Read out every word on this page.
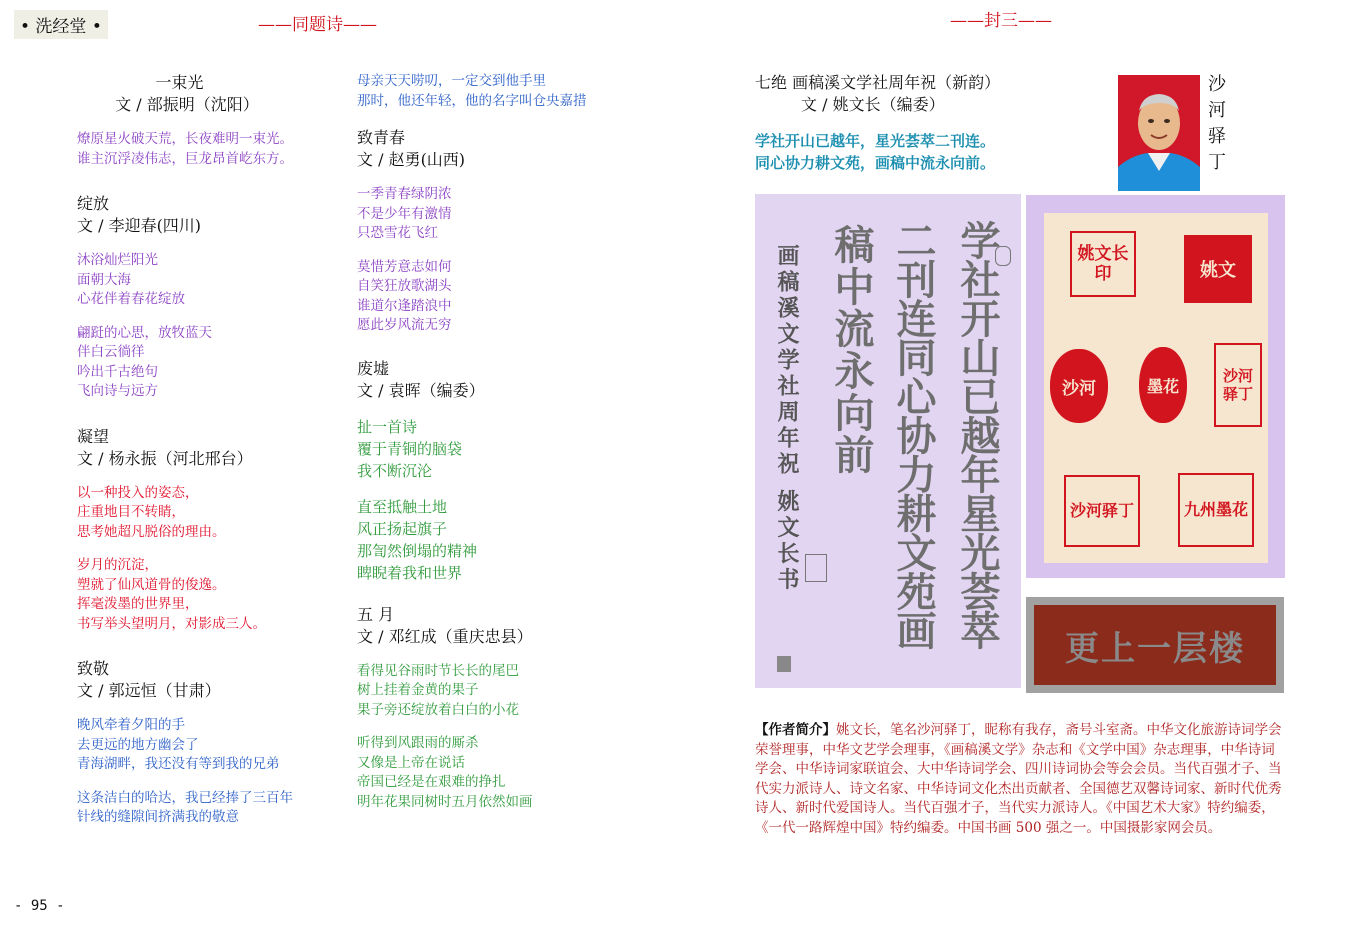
• 洗经堂 •	——同题诗——	——封三——
一束光
文 / 部振明（沈阳）
燎原星火破天荒，长夜难明一束光。
谁主沉浮凌伟志，巨龙昂首屹东方。
绽放
文 / 李迎春(四川)
沐浴灿烂阳光
面朝大海
心花伴着春花绽放
翩跹的心思，放牧蓝天
伴白云徜徉
吟出千古绝句
飞向诗与远方
凝望
文 / 杨永振（河北邢台）
以一种投入的姿态，
庄重地目不转睛，
思考她超凡脱俗的理由。
岁月的沉淀，
塑就了仙风道骨的俊逸。
挥毫泼墨的世界里，
书写举头望明月，对影成三人。
致敬
文 / 郭远恒（甘肃）
晚风牵着夕阳的手
去更远的地方幽会了
青海湖畔，我还没有等到我的兄弟
这条洁白的哈达，我已经捧了三百年
针线的缝隙间挤满我的敬意
母亲天天唠叨，一定交到他手里
那时，他还年轻，他的名字叫仓央嘉措
致青春
文 / 赵勇(山西)
一季青春绿阴浓
不是少年有激情
只恐雪花飞红
莫惜芳意志如何
自笑狂放歌湖头
谁道尔逢踏浪中
愿此岁风流无穷
废墟
文 / 袁晖（编委）
扯一首诗
覆于青铜的脑袋
我不断沉沦
直至抵触土地
风正扬起旗子
那訇然倒塌的精神
睥睨着我和世界
五 月
文 / 邓红成（重庆忠县）
看得见谷雨时节长长的尾巴
树上挂着金黄的果子
果子旁还绽放着白白的小花
听得到风跟雨的厮杀
又像是上帝在说话
帝国已经是在艰难的挣扎
明年花果同树时五月依然如画
七绝 画稿溪文学社周年祝（新韵）
文 / 姚文长（编委）
学社开山已越年，星光荟萃二刊连。
同心协力耕文苑，画稿中流永向前。
沙河驿丁
学社开山已越年星光荟萃
二刊连同心协力耕文苑画
稿中流永向前
画稿溪文学社周年祝 姚文长书	姚文长印	姚文
沙河	墨花
沙河驿丁
沙河驿丁	九州墨花
更上一层楼
【作者简介】姚文长，笔名沙河驿丁，昵称有我存，斋号斗室斋。中华文化旅游诗词学会荣誉理事，中华文艺学会理事，《画稿溪文学》杂志和《文学中国》杂志理事，中华诗词学会、中华诗词家联谊会、大中华诗词学会、四川诗词协会等会会员。当代百强才子、当代实力派诗人、诗文名家、中华诗词文化杰出贡献者、全国德艺双馨诗词家、新时代优秀诗人、新时代爱国诗人。当代百强才子，当代实力派诗人。《中国艺术大家》特约编委，《一代一路辉煌中国》特约编委。中国书画 500 强之一。中国摄影家网会员。
- 95 -
